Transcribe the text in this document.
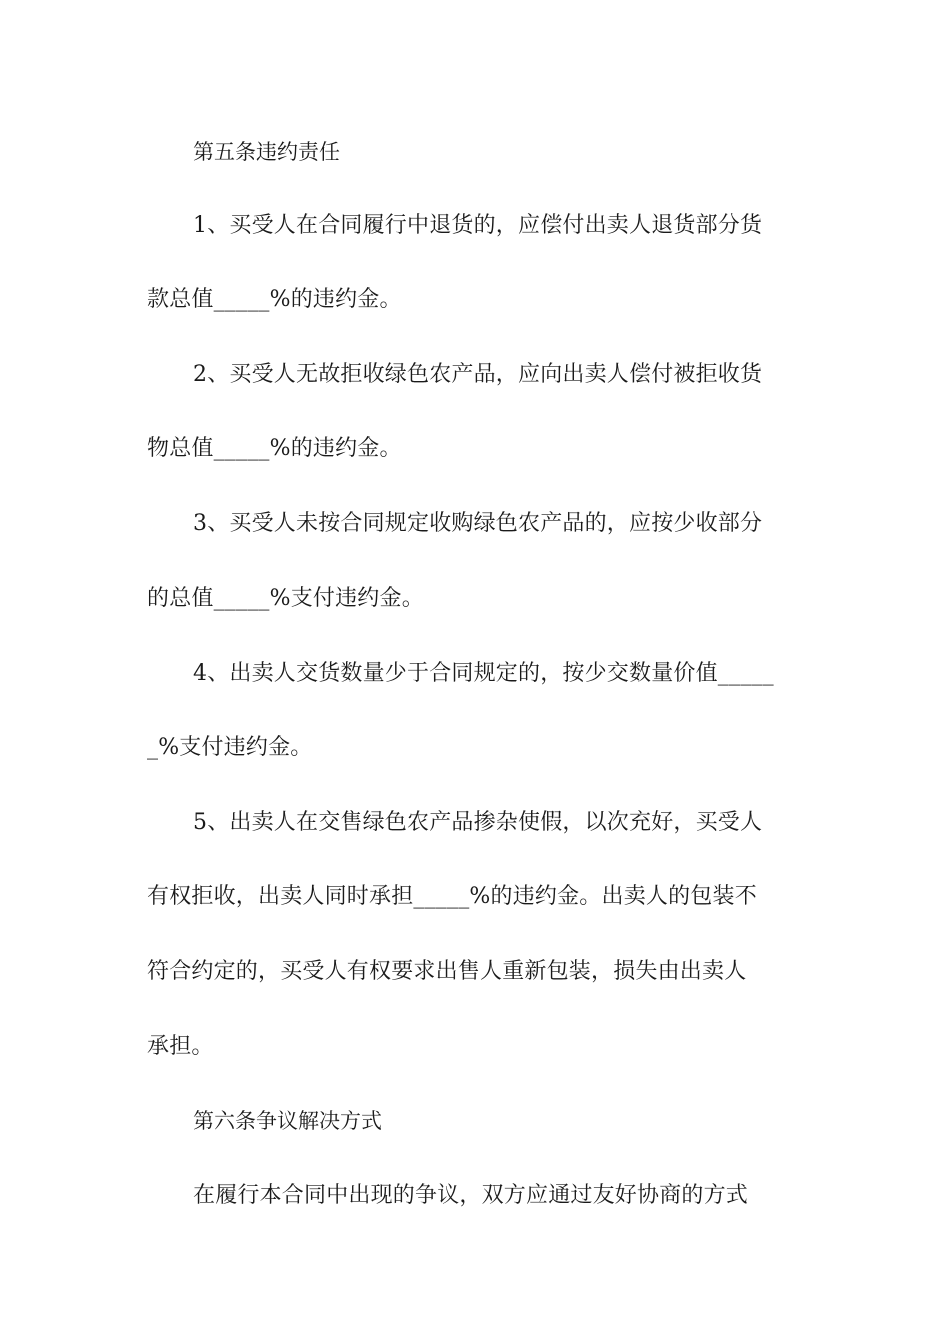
第五条违约责任
1、买受人在合同履行中退货的，应偿付出卖人退货部分货
款总值_____%的违约金。
2、买受人无故拒收绿色农产品，应向出卖人偿付被拒收货
物总值_____%的违约金。
3、买受人未按合同规定收购绿色农产品的，应按少收部分
的总值_____%支付违约金。
4、出卖人交货数量少于合同规定的，按少交数量价值_____
_%支付违约金。
5、出卖人在交售绿色农产品掺杂使假，以次充好，买受人
有权拒收，出卖人同时承担_____%的违约金。出卖人的包装不
符合约定的，买受人有权要求出售人重新包装，损失由出卖人
承担。
第六条争议解决方式
在履行本合同中出现的争议，双方应通过友好协商的方式
